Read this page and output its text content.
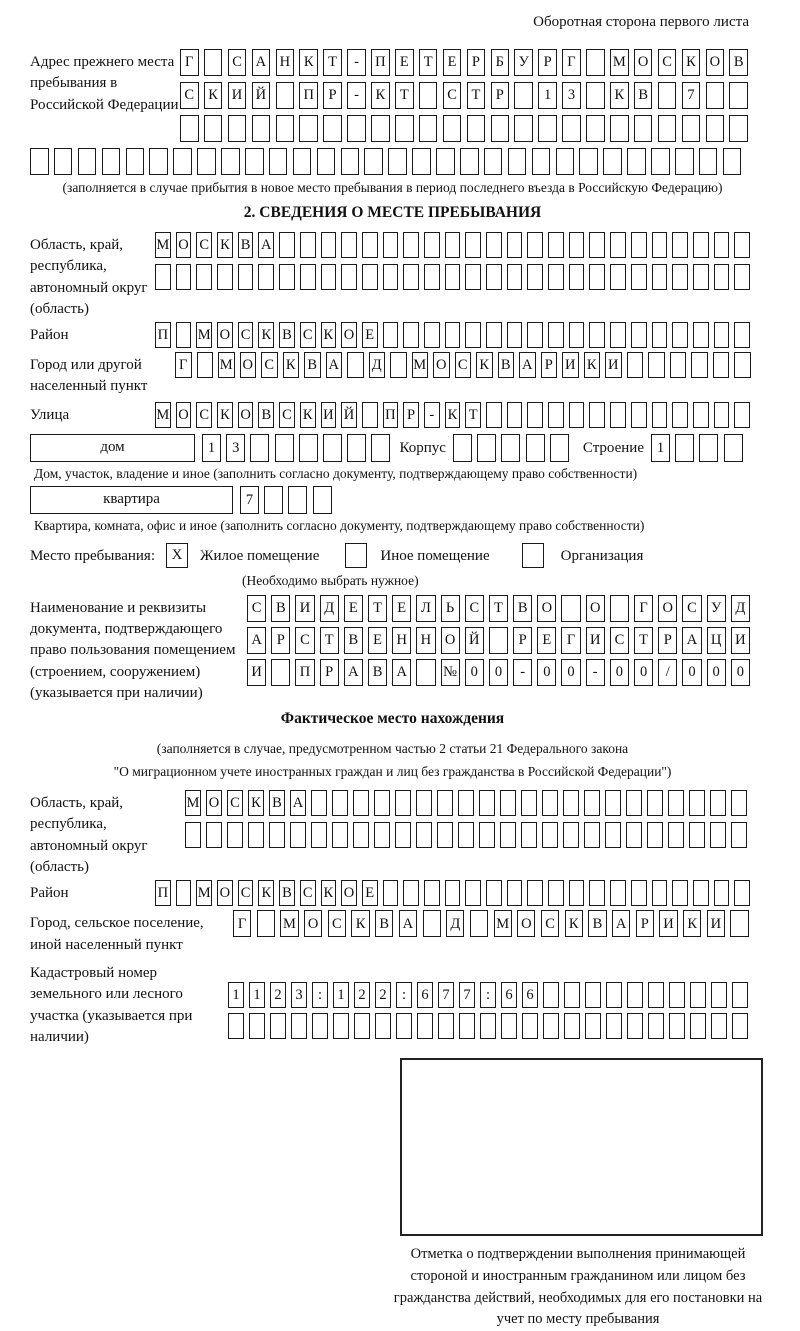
Оборотная сторона первого листа
Адрес прежнего места пребывания в Российской Федерации
Г	С А Н К	Т	-	П Е	Т	Е	Р	Б	У	Р	Г	М О С К О В
С К И Й	П	Р	-	К	Т	С	Т	Р	1	3	К В	7
(заполняется в случае прибытия в новое место пребывания в период последнего въезда в Российскую Федерацию)
2. СВЕДЕНИЯ О МЕСТЕ ПРЕБЫВАНИЯ
Область, край, республика, автономный округ (область)
М О С К В А
Район	П М О С К В С К О Е
Город или другой населенный пункт
Г М О С К В А Д М О С К В А Р И К И
Улица	М О С К О В С К И Й П Р - К Т
дом	1	3	Корпус	Строение 1
Дом, участок, владение и иное (заполнить согласно документу, подтверждающему право собственности)
квартира	7
Квартира, комната, офис и иное (заполнить согласно документу, подтверждающему право собственности)
Место пребывания:	X	Жилое помещение	Иное помещение	Организация
(Необходимо выбрать нужное)
Наименование и реквизиты документа, подтверждающего право пользования помещением (строением, сооружением) (указывается при наличии)
С	В И Д	Е	Т	Е	Л	Ь	С	Т	В О	О	Г	О С У Д
А	Р	С	Т	В	Е	Н Н О Й	Р	Е	Г	И С	Т	Р	А Ц И
И	П	Р	А В А	№ 0	0	-	0	0	-	0	0	/	0	0	0
Фактическое место нахождения
(заполняется в случае, предусмотренном частью 2 статьи 21 Федерального закона
"О миграционном учете иностранных граждан и лиц без гражданства в Российской Федерации")
Область, край, республика, автономный округ (область)
М О С К В А
Район	П М О С К В С К О Е
Город, сельское поселение, иной населенный пункт
Г	М О С К В А	Д М О С К В А Р И К И
Кадастровый номер земельного или лесного участка (указывается при наличии)
1 1 2 3	:	1 2 2	:	6 7 7	:	6 6
Отметка о подтверждении выполнения принимающей стороной и иностранным гражданином или лицом без гражданства действий, необходимых для его постановки на учет по месту пребывания
